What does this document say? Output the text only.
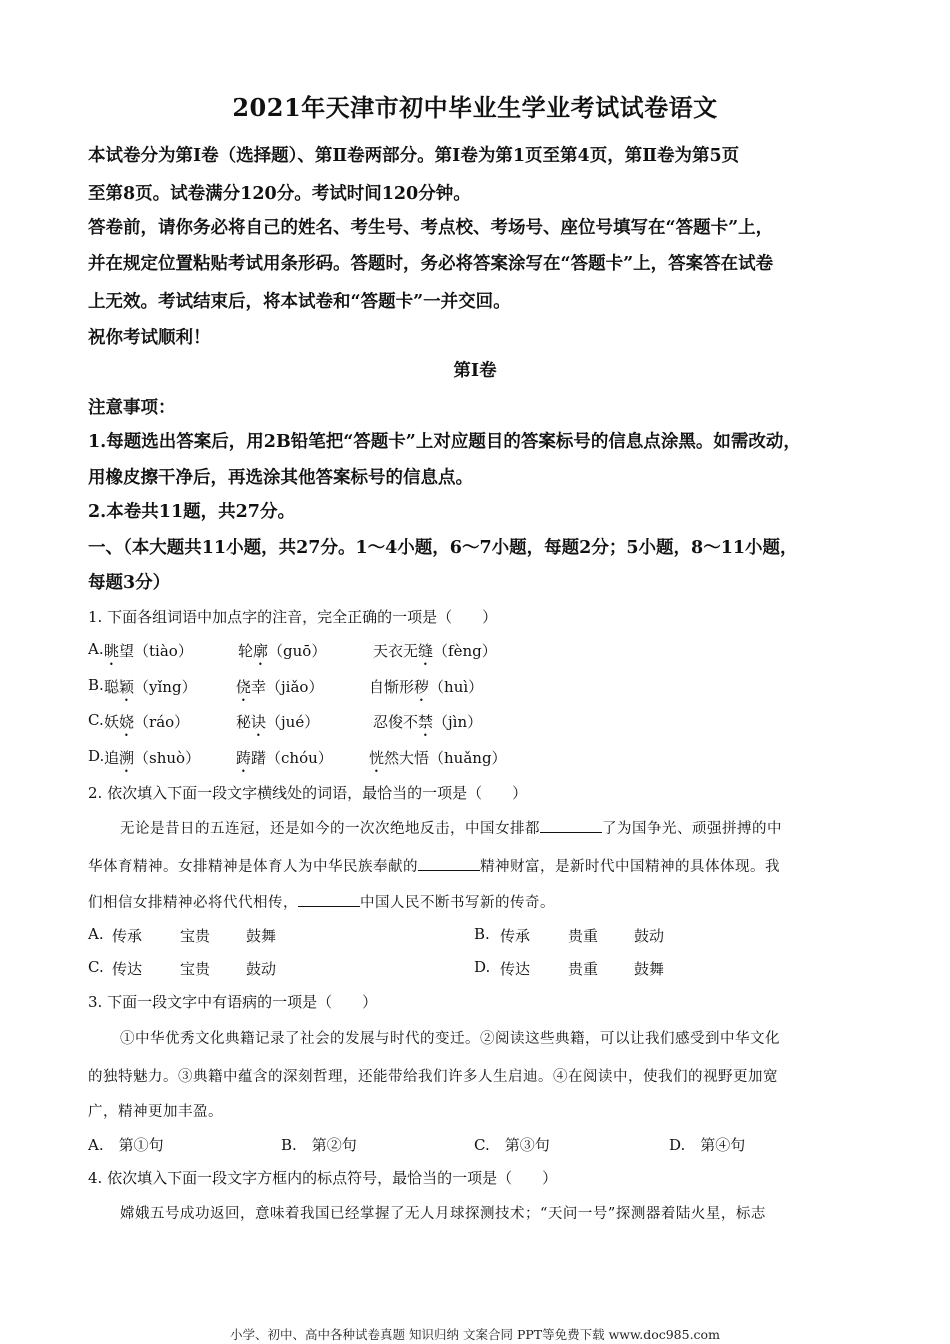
2021年天津市初中毕业生学业考试试卷语文
本试卷分为第Ⅰ卷（选择题）、第Ⅱ卷两部分。第Ⅰ卷为第1页至第4页，第Ⅱ卷为第5页
至第8页。试卷满分120分。考试时间120分钟。
答卷前，请你务必将自己的姓名、考生号、考点校、考场号、座位号填写在“答题卡”上，
并在规定位置粘贴考试用条形码。答题时，务必将答案涂写在“答题卡”上，答案答在试卷
上无效。考试结束后，将本试卷和“答题卡”一并交回。
祝你考试顺利！
第Ⅰ卷
注意事项：
1.每题选出答案后，用2B铅笔把“答题卡”上对应题目的答案标号的信息点涂黑。如需改动，
用橡皮擦干净后，再选涂其他答案标号的信息点。
2.本卷共11题，共27分。
一、（本大题共11小题，共27分。1～4小题，6～7小题，每题2分；5小题，8～11小题，
每题3分）
1. 下面各组词语中加点字的注音，完全正确的一项是（　　）
A. 眺望（tiào）	轮廓（guō）	天衣无缝（fèng）
B. 聪颖（yǐng）	侥幸（jiǎo）	自惭形秽（huì）
C. 妖娆（ráo）	秘诀（jué）	忍俊不禁（jìn）
D. 追溯（shuò） 踌躇（chóu） 恍然大悟（huǎng）
2. 依次填入下面一段文字横线处的词语，最恰当的一项是（　　）
无论是昔日的五连冠，还是如今的一次次绝地反击，中国女排都	了为国争光、顽强拼搏的中
华体育精神。女排精神是体育人为中华民族奉献的	精神财富，是新时代中国精神的具体体现。我
们相信女排精神必将代代相传，	中国人民不断书写新的传奇。
A. 传承	宝贵 鼓舞	B. 传承	贵重 鼓动
C. 传达	宝贵 鼓动	D. 传达	贵重 鼓舞
3. 下面一段文字中有语病的一项是（　　）
①中华优秀文化典籍记录了社会的发展与时代的变迁。②阅读这些典籍，可以让我们感受到中华文化
的独特魅力。③典籍中蕴含的深刻哲理，还能带给我们许多人生启迪。④在阅读中，使我们的视野更加宽
广，精神更加丰盈。
A.　第①句	B.　第②句	C.　第③句	D.　第④句
4. 依次填入下面一段文字方框内的标点符号，最恰当的一项是（　　）
嫦娥五号成功返回，意味着我国已经掌握了无人月球探测技术；“天问一号”探测器着陆火星，标志
小学、初中、高中各种试卷真题 知识归纳 文案合同 PPT等免费下载 www.doc985.com
